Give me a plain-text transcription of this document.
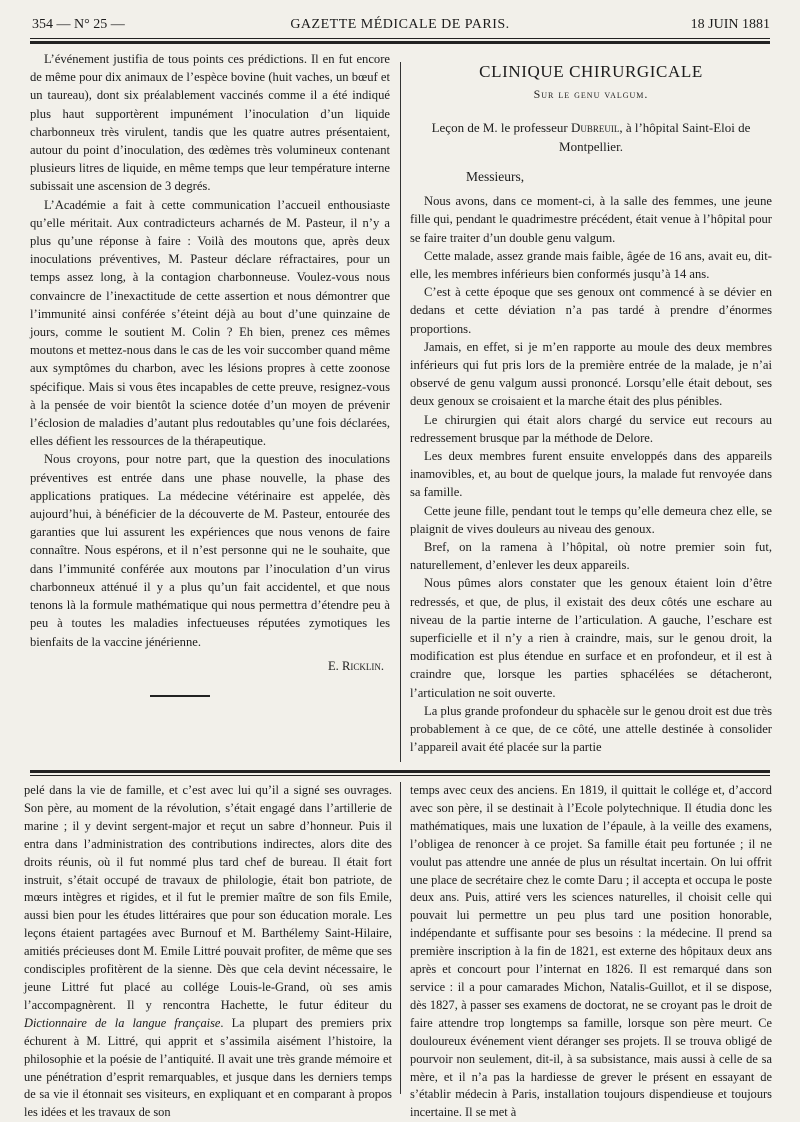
354 — N° 25 —	GAZETTE MÉDICALE DE PARIS.	18 JUIN 1881

L’événement justifia de tous points ces prédictions. Il en fut encore de même pour dix animaux de l’espèce bovine (huit vaches, un bœuf et un taureau), dont six préalablement vaccinés comme il a été indiqué plus haut supportèrent impunément l’inoculation d’un liquide charbonneux très virulent, tandis que les quatre autres présentaient, autour du point d’inoculation, des œdèmes très volumineux contenant plusieurs litres de liquide, en même temps que leur température interne subissait une ascension de 3 degrés.

L’Académie a fait à cette communication l’accueil enthousiaste qu’elle méritait. Aux contradicteurs acharnés de M. Pasteur, il n’y a plus qu’une réponse à faire : Voilà des moutons que, après deux inoculations préventives, M. Pasteur déclare réfractaires, pour un temps assez long, à la contagion charbonneuse. Voulez-vous nous convaincre de l’inexactitude de cette assertion et nous démontrer que l’immunité ainsi conférée s’éteint déjà au bout d’une quinzaine de jours, comme le soutient M. Colin ? Eh bien, prenez ces mêmes moutons et mettez-nous dans le cas de les voir succomber quand même aux symptômes du charbon, avec les lésions propres à cette zoonose spécifique. Mais si vous êtes incapables de cette preuve, resignez-vous à la pensée de voir bientôt la science dotée d’un moyen de prévenir l’éclosion de maladies d’autant plus redoutables qu’une fois déclarées, elles défient les ressources de la thérapeutique.

Nous croyons, pour notre part, que la question des inoculations préventives est entrée dans une phase nouvelle, la phase des applications pratiques. La médecine vétérinaire est appelée, dès aujourd’hui, à bénéficier de la découverte de M. Pasteur, entourée des garanties que lui assurent les expériences que nous venons de faire connaître. Nous espérons, et il n’est personne qui ne le souhaite, que dans l’immunité conférée aux moutons par l’inoculation d’un virus charbonneux atténué il y a plus qu’un fait accidentel, et que nous tenons là la formule mathématique qui nous permettra d’étendre peu à peu à toutes les maladies infectueuses réputées zymotiques les bienfaits de la vaccine jénérienne.

E. Ricklin.

CLINIQUE CHIRURGICALE
Sur le genu valgum.
Leçon de M. le professeur Dubreuil, à l’hôpital Saint-Eloi de Montpellier.

Messieurs,

Nous avons, dans ce moment-ci, à la salle des femmes, une jeune fille qui, pendant le quadrimestre précédent, était venue à l’hôpital pour se faire traiter d’un double genu valgum.

Cette malade, assez grande mais faible, âgée de 16 ans, avait eu, dit-elle, les membres inférieurs bien conformés jusqu’à 14 ans.

C’est à cette époque que ses genoux ont commencé à se dévier en dedans et cette déviation n’a pas tardé à prendre d’énormes proportions.

Jamais, en effet, si je m’en rapporte au moule des deux membres inférieurs qui fut pris lors de la première entrée de la malade, je n’ai observé de genu valgum aussi prononcé. Lorsqu’elle était debout, ses deux genoux se croisaient et la marche était des plus pénibles.

Le chirurgien qui était alors chargé du service eut recours au redressement brusque par la méthode de Delore.

Les deux membres furent ensuite enveloppés dans des appareils inamovibles, et, au bout de quelque jours, la malade fut renvoyée dans sa famille.

Cette jeune fille, pendant tout le temps qu’elle demeura chez elle, se plaignit de vives douleurs au niveau des genoux.

Bref, on la ramena à l’hôpital, où notre premier soin fut, naturellement, d’enlever les deux appareils.

Nous pûmes alors constater que les genoux étaient loin d’être redressés, et que, de plus, il existait des deux côtés une eschare au niveau de la partie interne de l’articulation. A gauche, l’eschare est superficielle et il n’y a rien à craindre, mais, sur le genou droit, la modification est plus étendue en surface et en profondeur, et il est à craindre que, lorsque les parties sphacélées se détacheront, l’articulation ne soit ouverte.

La plus grande profondeur du sphacèle sur le genou droit est due très probablement à ce que, de ce côté, une attelle destinée à consolider l’appareil avait été placée sur la partie

pelé dans la vie de famille, et c’est avec lui qu’il a signé ses ouvrages. Son père, au moment de la révolution, s’était engagé dans l’artillerie de marine ; il y devint sergent-major et reçut un sabre d’honneur. Puis il entra dans l’administration des contributions indirectes, alors dite des droits réunis, où il fut nommé plus tard chef de bureau. Il était fort instruit, s’était occupé de travaux de philologie, était bon patriote, de mœurs intègres et rigides, et il fut le premier maître de son fils Emile, aussi bien pour les études littéraires que pour son éducation morale. Les leçons étaient partagées avec Burnouf et M. Barthélemy Saint-Hilaire, amitiés précieuses dont M. Emile Littré pouvait profiter, de même que ses condisciples profitèrent de la sienne. Dès que cela devint nécessaire, le jeune Littré fut placé au collége Louis-le-Grand, où ses amis l’accompagnèrent. Il y rencontra Hachette, le futur éditeur du Dictionnaire de la langue française. La plupart des premiers prix échurent à M. Littré, qui apprit et s’assimila aisément l’histoire, la philosophie et la poésie de l’antiquité. Il avait une très grande mémoire et une pénétration d’esprit remarquables, et jusque dans les derniers temps de sa vie il étonnait ses visiteurs, en expliquant et en comparant à propos les idées et les travaux de son

temps avec ceux des anciens. En 1819, il quittait le collége et, d’accord avec son père, il se destinait à l’Ecole polytechnique. Il étudia donc les mathématiques, mais une luxation de l’épaule, à la veille des examens, l’obligea de renoncer à ce projet. Sa famille était peu fortunée ; il ne voulut pas attendre une année de plus un résultat incertain. On lui offrit une place de secrétaire chez le comte Daru ; il accepta et occupa le poste deux ans. Puis, attiré vers les sciences naturelles, il choisit celle qui pouvait lui permettre un peu plus tard une position honorable, indépendante et suffisante pour ses besoins : la médecine. Il prend sa première inscription à la fin de 1821, est externe des hôpitaux deux ans après et concourt pour l’internat en 1826. Il est remarqué dans son service : il a pour camarades Michon, Natalis-Guillot, et il se dispose, dès 1827, à passer ses examens de doctorat, ne se croyant pas le droit de faire attendre trop longtemps sa famille, lorsque son père meurt. Ce douloureux événement vient déranger ses projets. Il se trouva obligé de pourvoir non seulement, dit-il, à sa subsistance, mais aussi à celle de sa mère, et il n’a pas la hardiesse de grever le présent en essayant de s’établir médecin à Paris, installation toujours dispendieuse et toujours incertaine. Il se met à
